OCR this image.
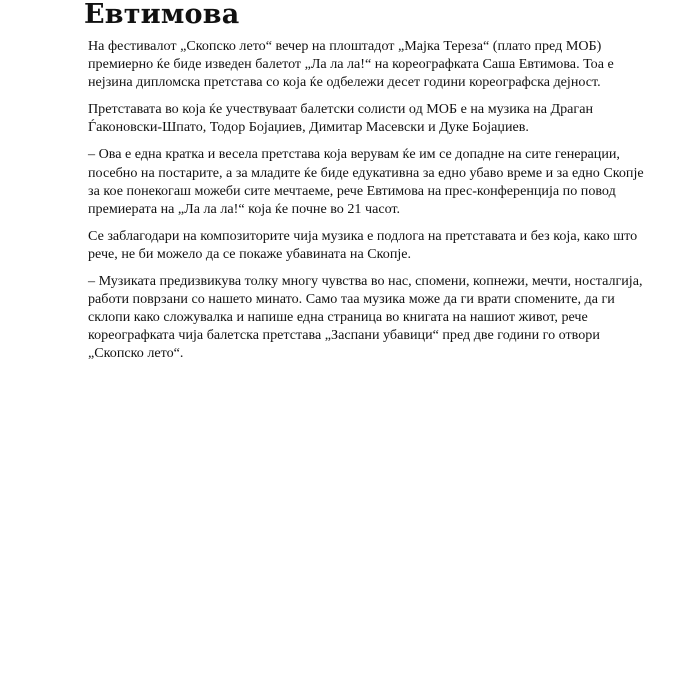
Евтимова

На фестивалот „Скопско лето“ вечер на плоштадот „Мајка Тереза“ (плато пред МОБ) премиерно ќе биде изведен балетот „Ла ла ла!“ на кореографката Саша Евтимова. Тоа е нејзина дипломска претстава со која ќе одбележи десет години кореографска дејност.

Претставата во која ќе учествуваат балетски солисти од МОБ е на музика на Драган Ѓаконовски-Шпато, Тодор Бојаџиев, Димитар Масевски и Дуке Бојаџиев.

– Ова е една кратка и весела претстава која верувам ќе им се допадне на сите генерации, посебно на постарите, а за младите ќе биде едукативна за едно убаво време и за едно Скопје за кое понекогаш можеби сите мечтаеме, рече Евтимова на прес-конференција по повод премиерата на „Ла ла ла!“ која ќе почне во 21 часот.

Се заблагодари на композиторите чија музика е подлога на претставата и без која, како што рече, не би можело да се покаже убавината на Скопје.

– Музиката предизвикува толку многу чувства во нас, спомени, копнежи, мечти, носталгија, работи поврзани со нашето минато. Само таа музика може да ги врати спомените, да ги склопи како сложувалка и напише една страница во книгата на нашиот живот, рече кореографката чија балетска претстава „Заспани убавици“ пред две години го отвори „Скопско лето“.
